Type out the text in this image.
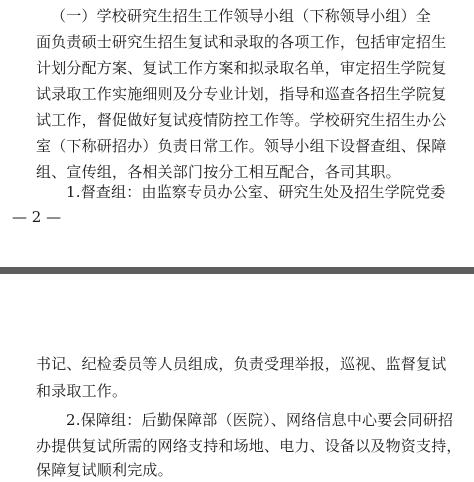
（一）学校研究生招生工作领导小组（下称领导小组）全
面负责硕士研究生招生复试和录取的各项工作，包括审定招生
计划分配方案、复试工作方案和拟录取名单，审定招生学院复
试录取工作实施细则及分专业计划，指导和巡查各招生学院复
试工作，督促做好复试疫情防控工作等。学校研究生招生办公
室（下称研招办）负责日常工作。领导小组下设督查组、保障
组、宣传组，各相关部门按分工相互配合，各司其职。
1.督查组：由监察专员办公室、研究生处及招生学院党委
— 2 —
书记、纪检委员等人员组成，负责受理举报，巡视、监督复试
和录取工作。
2.保障组：后勤保障部（医院）、网络信息中心要会同研招
办提供复试所需的网络支持和场地、电力、设备以及物资支持，
保障复试顺利完成。
